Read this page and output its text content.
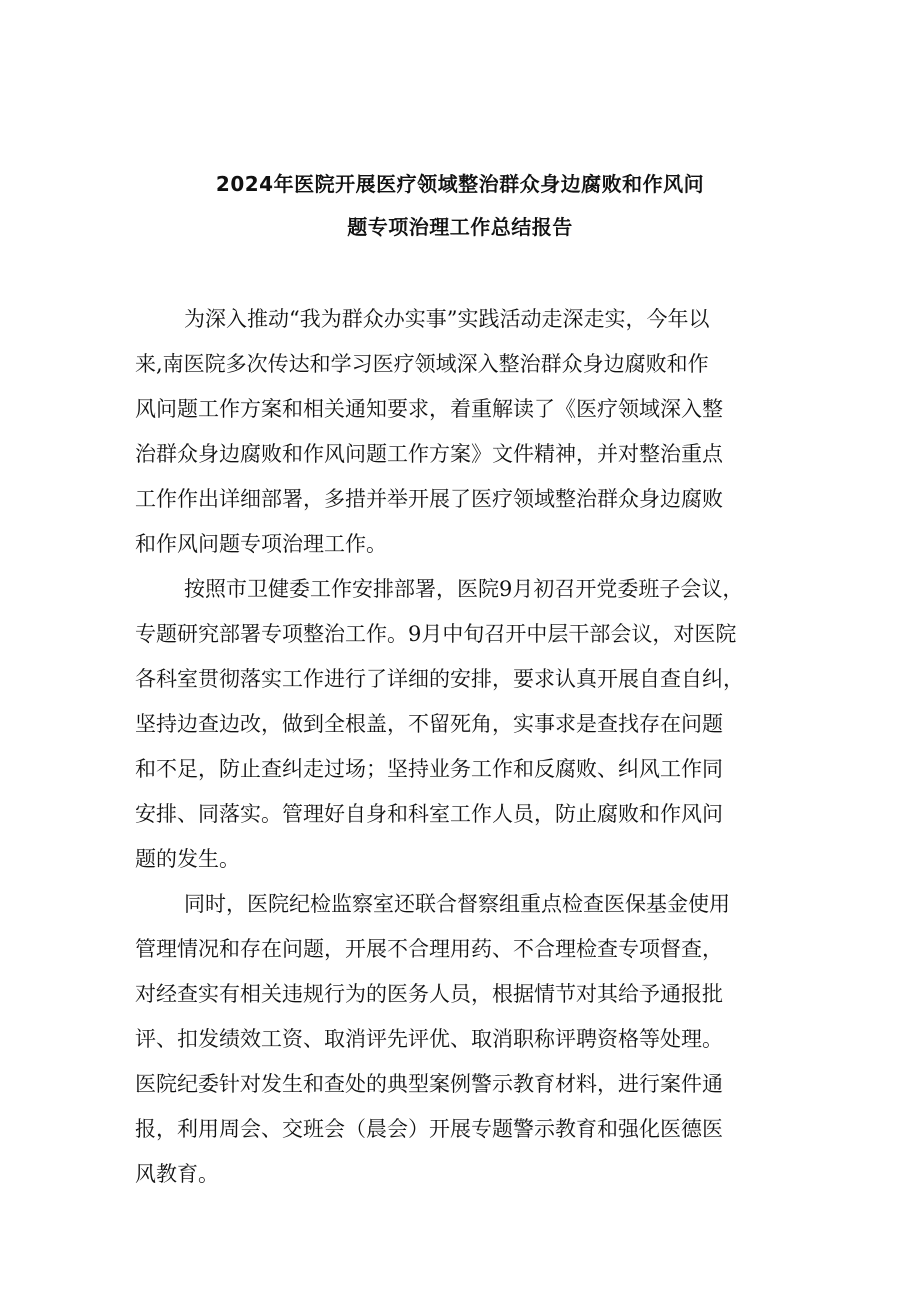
2024年医院开展医疗领域整治群众身边腐败和作风问
题专项治理工作总结报告
为深入推动“我为群众办实事”实践活动走深走实，今年以
来,南医院多次传达和学习医疗领域深入整治群众身边腐败和作
风问题工作方案和相关通知要求，着重解读了《医疗领域深入整
治群众身边腐败和作风问题工作方案》文件精神，并对整治重点
工作作出详细部署，多措并举开展了医疗领域整治群众身边腐败
和作风问题专项治理工作。
按照市卫健委工作安排部署，医院9月初召开党委班子会议，
专题研究部署专项整治工作。9月中旬召开中层干部会议，对医院
各科室贯彻落实工作进行了详细的安排，要求认真开展自查自纠，
坚持边查边改，做到全根盖，不留死角，实事求是查找存在问题
和不足，防止查纠走过场；坚持业务工作和反腐败、纠风工作同
安排、同落实。管理好自身和科室工作人员，防止腐败和作风问
题的发生。
同时，医院纪检监察室还联合督察组重点检查医保基金使用
管理情况和存在问题，开展不合理用药、不合理检查专项督查，
对经查实有相关违规行为的医务人员，根据情节对其给予通报批
评、扣发绩效工资、取消评先评优、取消职称评聘资格等处理。
医院纪委针对发生和查处的典型案例警示教育材料，进行案件通
报，利用周会、交班会（晨会）开展专题警示教育和强化医德医
风教育。
